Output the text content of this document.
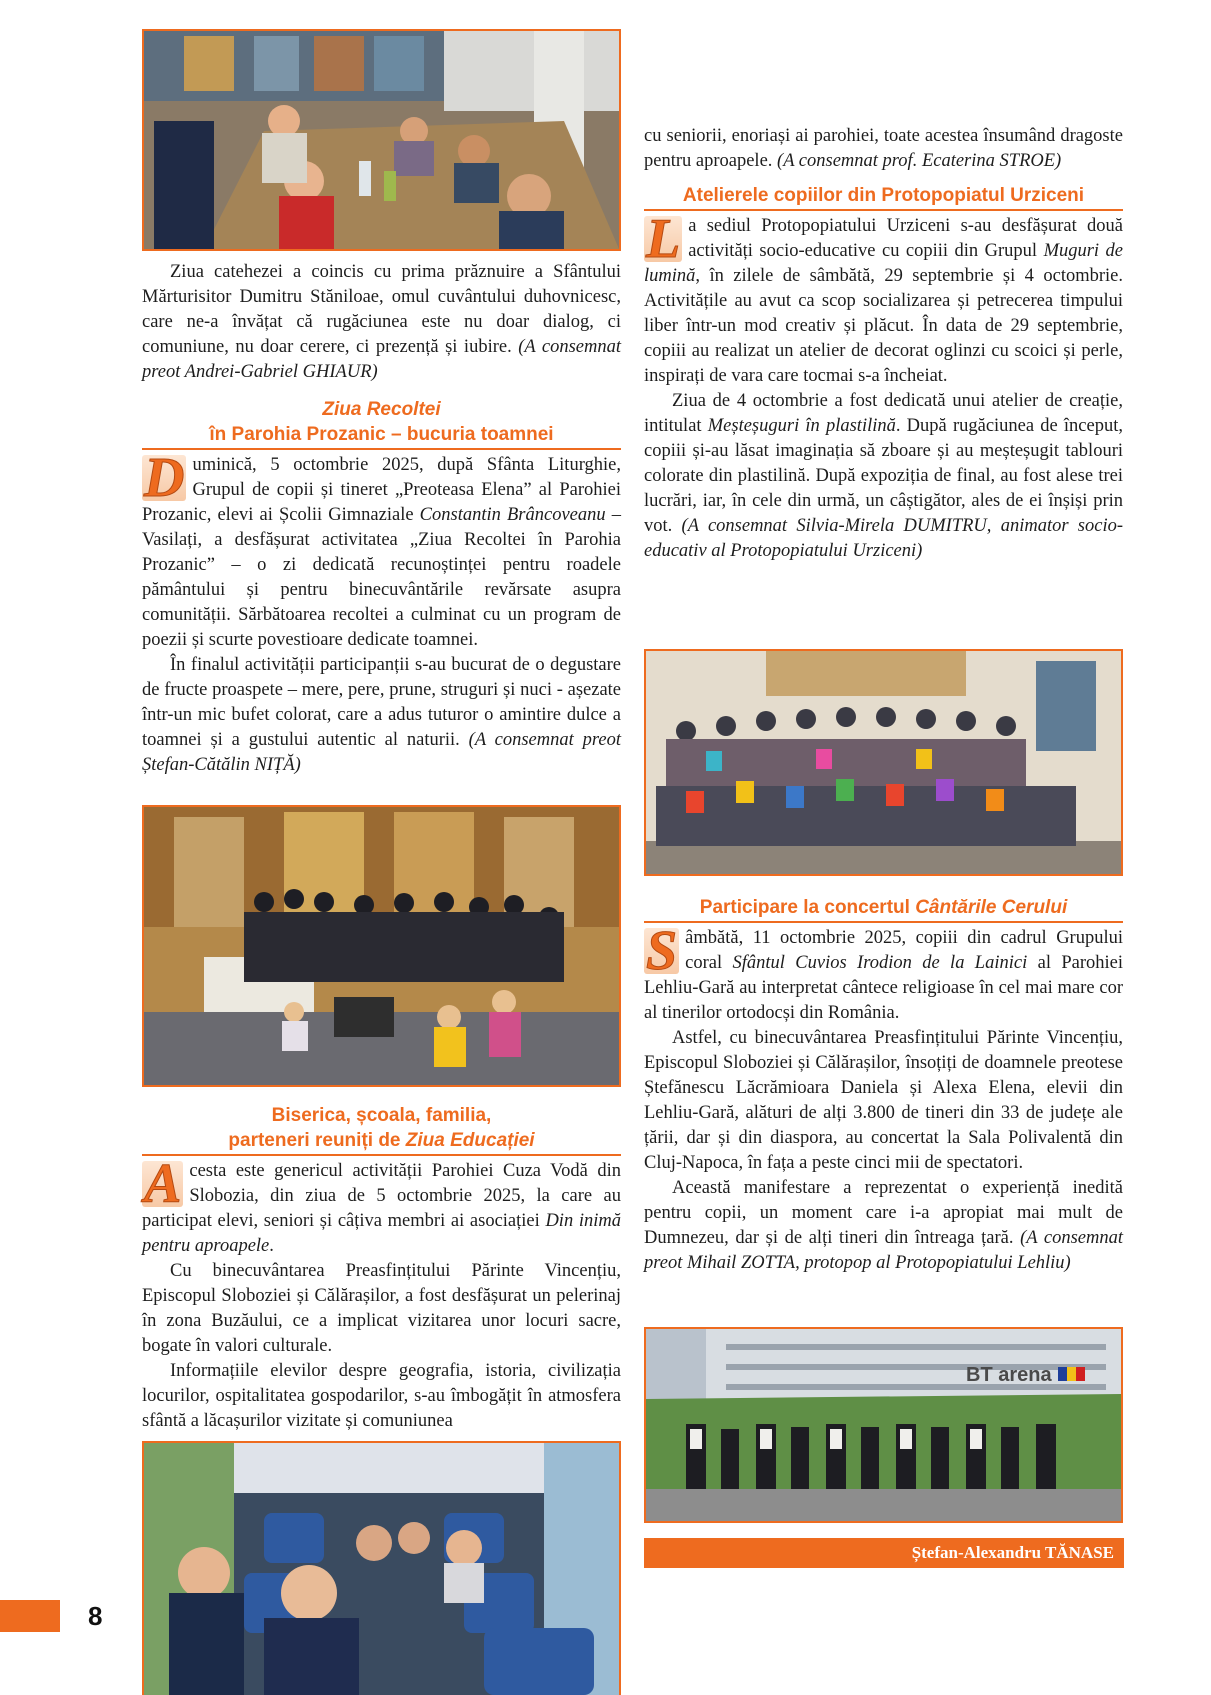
Ziua catehezei a coincis cu prima prăznuire a Sfântului Mărturisitor Dumitru Stăniloae, omul cuvântului duhovnicesc, care ne-a învățat că rugăciunea este nu doar dialog, ci comuniune, nu doar cerere, ci prezență și iubire. (A consemnat preot Andrei-Gabriel GHIAUR)

Ziua Recoltei
în Parohia Prozanic – bucuria toamnei

D uminică, 5 octombrie 2025, după Sfânta Liturghie, Grupul de copii și tineret „Preoteasa Elena” al Parohiei Prozanic, elevi ai Școlii Gimnaziale Constantin Brâncoveanu – Vasilați, a desfășurat activitatea „Ziua Recoltei în Parohia Prozanic” – o zi dedicată recunoștinței pentru roadele pământului și pentru binecuvântările revărsate asupra comunității. Sărbătoarea recoltei a culminat cu un program de poezii și scurte povestioare dedicate toamnei.

În finalul activității participanții s-au bucurat de o degustare de fructe proaspete – mere, pere, prune, struguri și nuci - așezate într-un mic bufet colorat, care a adus tuturor o amintire dulce a toamnei și a gustului autentic al naturii. (A consemnat preot Ștefan-Cătălin NIȚĂ)

Biserica, școala, familia,
parteneri reuniți de Ziua Educației

A cesta este genericul activității Parohiei Cuza Vodă din Slobozia, din ziua de 5 octombrie 2025, la care au participat elevi, seniori și câțiva membri ai asociației Din inimă pentru aproapele.

Cu binecuvântarea Preasfințitului Părinte Vincențiu, Episcopul Sloboziei și Călărașilor, a fost desfășurat un pelerinaj în zona Buzăului, ce a implicat vizitarea unor locuri sacre, bogate în valori culturale.

Informațiile elevilor despre geografia, istoria, civilizația locurilor, ospitalitatea gospodarilor, s-au îmbogățit în atmosfera sfântă a lăcașurilor vizitate și comuniunea

cu seniorii, enoriași ai parohiei, toate acestea însumând dragoste pentru aproapele. (A consemnat prof. Ecaterina STROE)

Atelierele copiilor din Protopopiatul Urziceni

L a sediul Protopopiatului Urziceni s-au desfășurat două activități socio-educative cu copiii din Grupul Muguri de lumină, în zilele de sâmbătă, 29 septembrie și 4 octombrie. Activitățile au avut ca scop socializarea și petrecerea timpului liber într-un mod creativ și plăcut. În data de 29 septembrie, copiii au realizat un atelier de decorat oglinzi cu scoici și perle, inspirați de vara care tocmai s-a încheiat.

Ziua de 4 octombrie a fost dedicată unui atelier de creație, intitulat Meșteșuguri în plastilină. După rugăciunea de început, copiii și-au lăsat imaginația să zboare și au meșteșugit tablouri colorate din plastilină. După expoziția de final, au fost alese trei lucrări, iar, în cele din urmă, un câștigător, ales de ei înșiși prin vot. (A consemnat Silvia-Mirela DUMITRU, animator socio-educativ al Protopopiatului Urziceni)

Participare la concertul Cântările Cerului

S âmbătă, 11 octombrie 2025, copiii din cadrul Grupului coral Sfântul Cuvios Irodion de la Lainici al Parohiei Lehliu-Gară au interpretat cântece religioase în cel mai mare cor al tinerilor ortodocși din România.

Astfel, cu binecuvântarea Preasfințitului Părinte Vincențiu, Episcopul Sloboziei și Călărașilor, însoțiți de doamnele preotese Ștefănescu Lăcrămioara Daniela și Alexa Elena, elevii din Lehliu-Gară, alături de alți 3.800 de tineri din 33 de județe ale țării, dar și din diaspora, au concertat la Sala Polivalentă din Cluj-Napoca, în fața a peste cinci mii de spectatori.

Această manifestare a reprezentat o experiență inedită pentru copii, un moment care i-a apropiat mai mult de Dumnezeu, dar și de alți tineri din întreaga țară. (A consemnat preot Mihail ZOTTA, protopop al Protopopiatului Lehliu)

BT arena
Ștefan-Alexandru TĂNASE
8
